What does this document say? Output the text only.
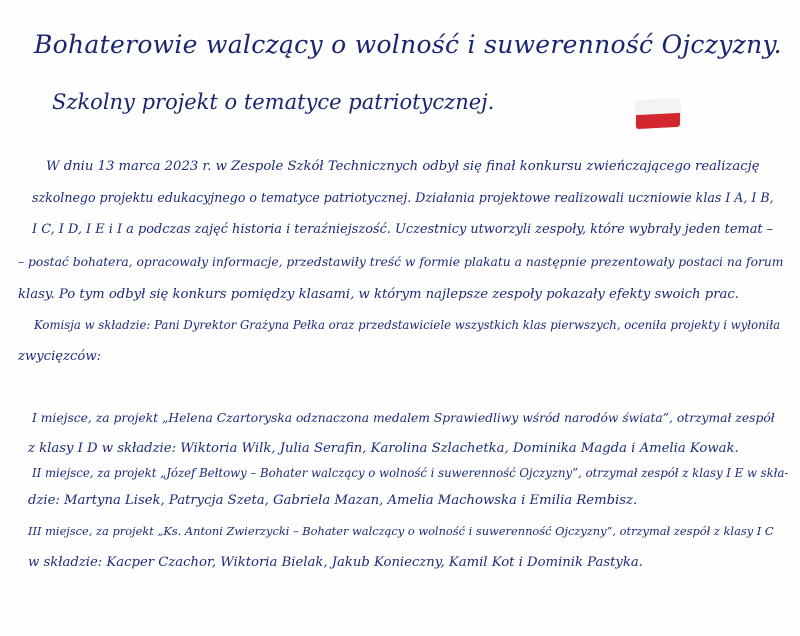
Bohaterowie walczący o wolność i suwerenność Ojczyzny.
Szkolny projekt o tematyce patriotycznej.
W dniu 13 marca 2023 r. w Zespole Szkół Technicznych odbył się finał konkursu zwieńczającego realizację
szkolnego projektu edukacyjnego o tematyce patriotycznej. Działania projektowe realizowali uczniowie klas I A, I B,
I C, I D, I E i I a podczas zajęć historia i teraźniejszość. Uczestnicy utworzyli zespoły, które wybrały jeden temat –
– postać bohatera, opracowały informacje, przedstawiły treść w formie plakatu a następnie prezentowały postaci na forum
klasy. Po tym odbył się konkurs pomiędzy klasami, w którym najlepsze zespoły pokazały efekty swoich prac.
Komisja w składzie: Pani Dyrektor Grażyna Pełka oraz przedstawiciele wszystkich klas pierwszych, oceniła projekty i wyłoniła
zwycięzców:
I miejsce, za projekt „Helena Czartoryska odznaczona medalem Sprawiedliwy wśród narodów świata”, otrzymał zespół
z klasy I D w składzie: Wiktoria Wilk, Julia Serafin, Karolina Szlachetka, Dominika Magda i Amelia Kowak.
II miejsce, za projekt „Józef Bełtowy – Bohater walczący o wolność i suwerenność Ojczyzny”, otrzymał zespół z klasy I E w skła-
dzie: Martyna Lisek, Patrycja Szeta, Gabriela Mazan, Amelia Machowska i Emilia Rembisz.
III miejsce, za projekt „Ks. Antoni Zwierzycki – Bohater walczący o wolność i suwerenność Ojczyzny”, otrzymał zespół z klasy I C
w składzie: Kacper Czachor, Wiktoria Bielak, Jakub Konieczny, Kamil Kot i Dominik Pastyka.
